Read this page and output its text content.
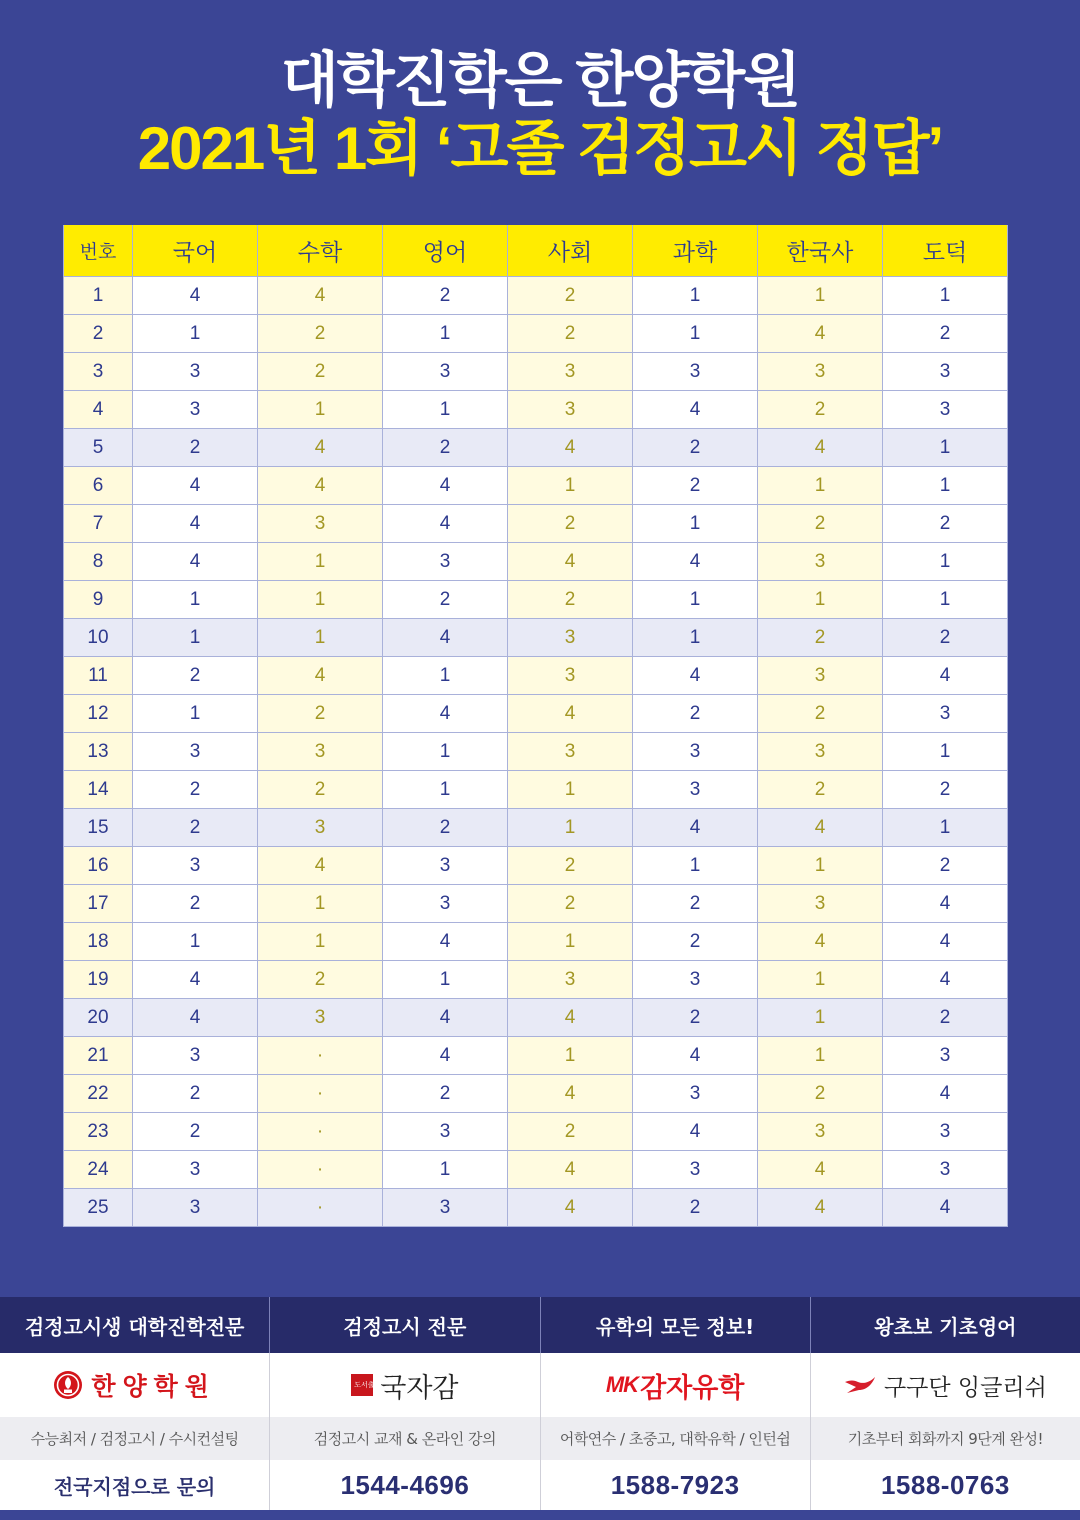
대학진학은 한양학원
2021년 1회 ‘고졸 검정고시 정답’
번호	국어	수학	영어	사회	과학	한국사	도덕
1	4	4	2	2	1	1	1
2	1	2	1	2	1	4	2
3	3	2	3	3	3	3	3
4	3	1	1	3	4	2	3
5	2	4	2	4	2	4	1
6	4	4	4	1	2	1	1
7	4	3	4	2	1	2	2
8	4	1	3	4	4	3	1
9	1	1	2	2	1	1	1
10	1	1	4	3	1	2	2
11	2	4	1	3	4	3	4
12	1	2	4	4	2	2	3
13	3	3	1	3	3	3	1
14	2	2	1	1	3	2	2
15	2	3	2	1	4	4	1
16	3	4	3	2	1	1	2
17	2	1	3	2	2	3	4
18	1	1	4	1	2	4	4
19	4	2	1	3	3	1	4
20	4	3	4	4	2	1	2
21	3	·	4	1	4	1	3
22	2	·	2	4	3	2	4
23	2	·	3	2	4	3	3
24	3	·	1	4	3	4	3
25	3	·	3	4	2	4	4
검정고시생 대학진학전문	검정고시 전문	유학의 모든 정보!	왕초보 기초영어
한양학원	도서출판
국자감	MK 감자유학	구구단 잉글리쉬
수능최저 / 검정고시 / 수시컨설팅	검정고시 교재 & 온라인 강의	어학연수 / 초중고, 대학유학 / 인턴쉽	기초부터 회화까지 9단계 완성!
전국지점으로 문의	1544-4696	1588-7923	1588-0763
